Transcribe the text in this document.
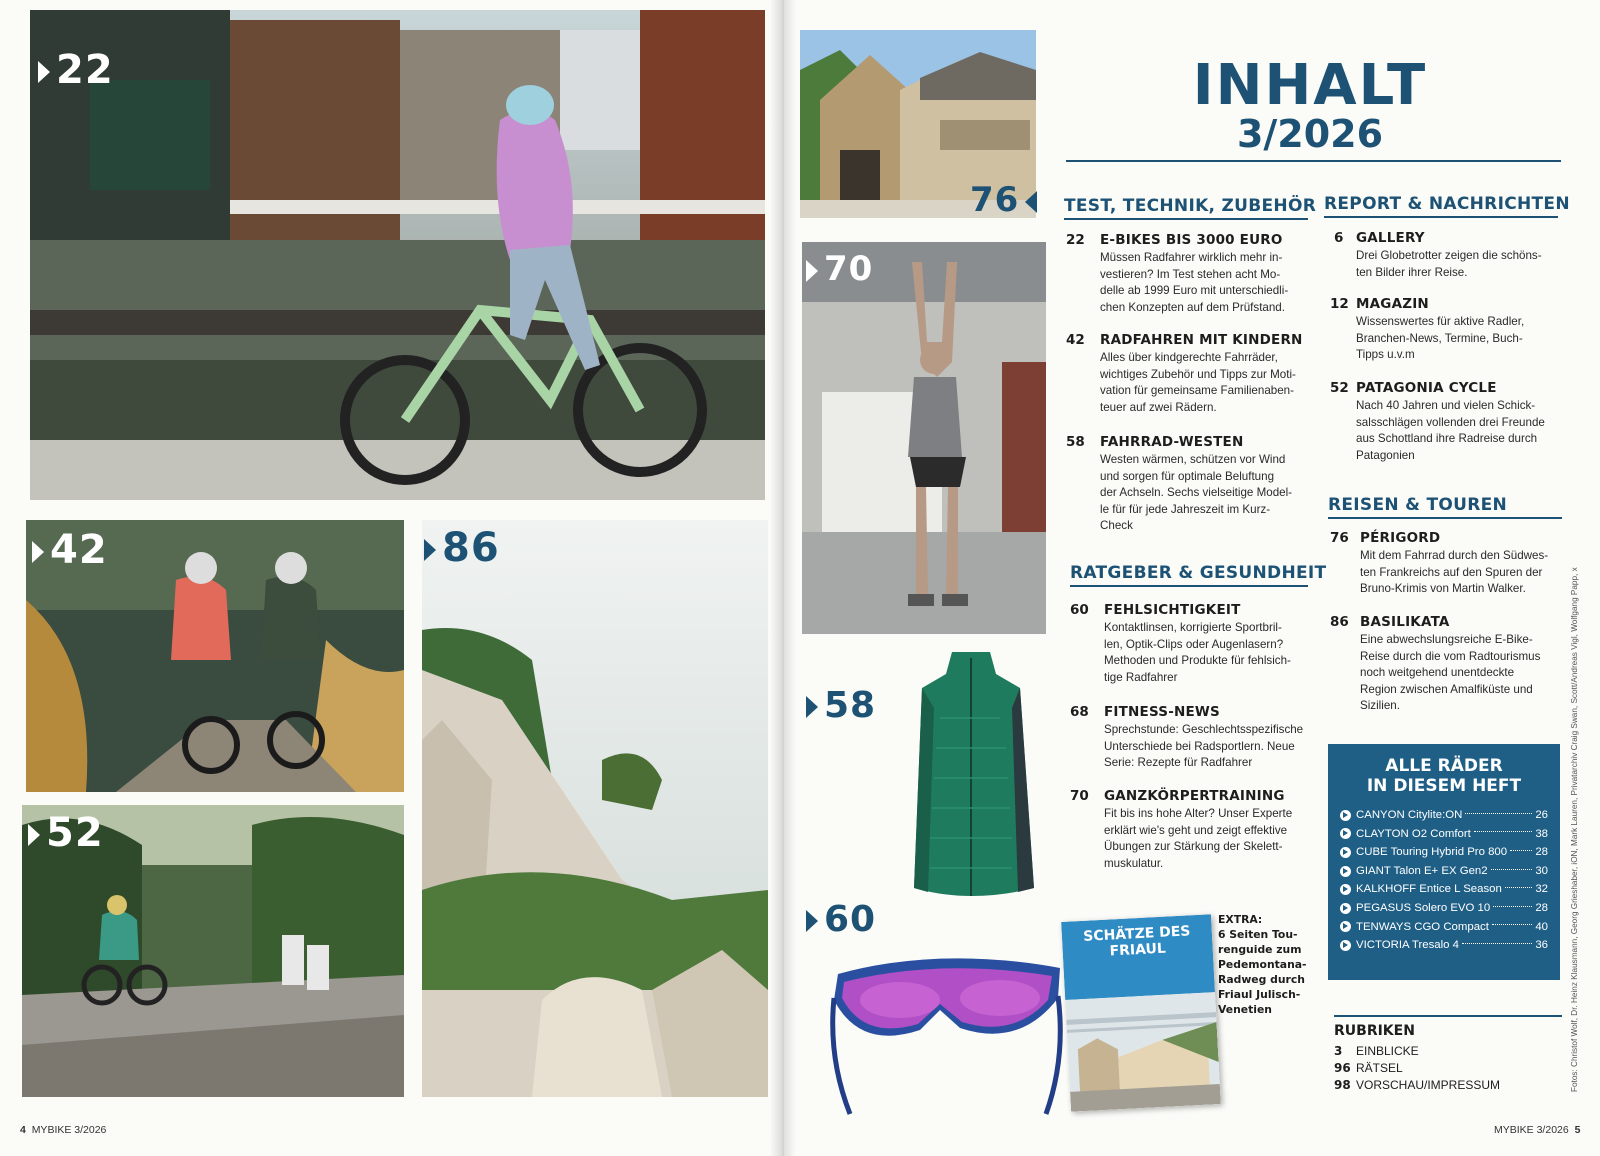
22
42
52
86
4 MYBIKE 3/2026
76
70
58
60	SCHÄTZE DES
FRIAUL
INHALT
3/2026
TEST, TECHNIK, ZUBEHÖR
22	E-BIKES BIS 3000 EURO
Müssen Radfahrer wirklich mehr in-
vestieren? Im Test stehen acht Mo-
delle ab 1999 Euro mit unterschiedli-
chen Konzepten auf dem Prüfstand.
42	RADFAHREN MIT KINDERN
Alles über kindgerechte Fahrräder,
wichtiges Zubehör und Tipps zur Moti-
vation für gemeinsame Familienaben-
teuer auf zwei Rädern.
58	FAHRRAD-WESTEN
Westen wärmen, schützen vor Wind
und sorgen für optimale Beluftung
der Achseln. Sechs vielseitige Model-
le für für jede Jahreszeit im Kurz-
Check
RATGEBER & GESUNDHEIT
60	FEHLSICHTIGKEIT
Kontaktlinsen, korrigierte Sportbril-
len, Optik-Clips oder Augenlasern?
Methoden und Produkte für fehlsich-
tige Radfahrer
68	FITNESS-NEWS
Sprechstunde: Geschlechtsspezifische
Unterschiede bei Radsportlern. Neue
Serie: Rezepte für Radfahrer
70	GANZKÖRPERTRAINING
Fit bis ins hohe Alter? Unser Experte
erklärt wie's geht und zeigt effektive
Übungen zur Stärkung der Skelett-
muskulatur.
REPORT & NACHRICHTEN
6 GALLERY
Drei Globetrotter zeigen die schöns-
ten Bilder ihrer Reise.
12 MAGAZIN
Wissenswertes für aktive Radler,
Branchen-News, Termine, Buch-
Tipps u.v.m
52 PATAGONIA CYCLE
Nach 40 Jahren und vielen Schick-
salsschlägen vollenden drei Freunde
aus Schottland ihre Radreise durch
Patagonien
REISEN & TOUREN
76 PÉRIGORD
Mit dem Fahrrad durch den Südwes-
ten Frankreichs auf den Spuren der
Bruno-Krimis von Martin Walker.
86 BASILIKATA
Eine abwechslungsreiche E-Bike-
Reise durch die vom Radtourismus
noch weitgehend unentdeckte
Region zwischen Amalfiküste und
Sizilien.
ALLE RÄDER
IN DIESEM HEFT
CANYON Citylite:ON	26
CLAYTON O2 Comfort	38
CUBE Touring Hybrid Pro 800 28
GIANT Talon E+ EX Gen2	30
KALKHOFF Entice L Season	32
PEGASUS Solero EVO 10	28
TENWAYS CGO Compact	40
VICTORIA Tresalo 4	36
EXTRA:
6 Seiten Tou-
renguide zum
Pedemontana-
Radweg durch
Friaul Julisch-
Venetien
RUBRIKEN
3 EINBLICKE
96 RÄTSEL
98 VORSCHAU/IMPRESSUM	Fotos: Christof Wolf, Dr. Heinz Klausmann, Georg Grieshaber, iON, Mark Lauren, Privatarchiv Craig Swan, Scott/Andreas Vigl, Wolfgang Papp, x
MYBIKE 3/2026 5
